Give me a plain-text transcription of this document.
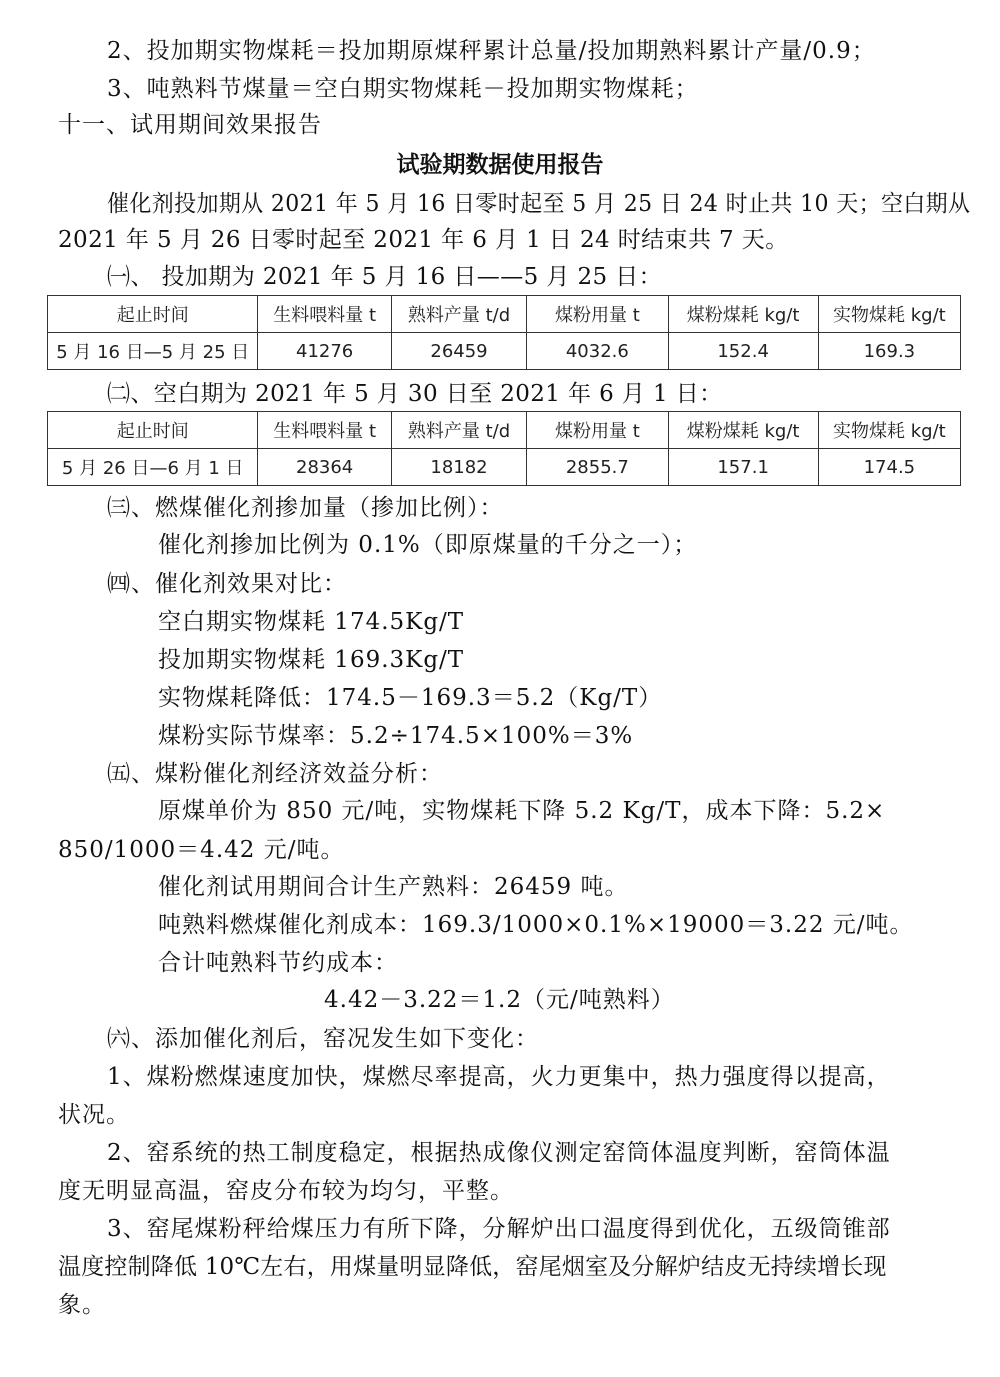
2、投加期实物煤耗＝投加期原煤秤累计总量/投加期熟料累计产量/0.9；
3、吨熟料节煤量＝空白期实物煤耗－投加期实物煤耗；
十一、试用期间效果报告
试验期数据使用报告
催化剂投加期从 2021 年 5 月 16 日零时起至 5 月 25 日 24 时止共 10 天；空白期从
2021 年 5 月 26 日零时起至 2021 年 6 月 1 日 24 时结束共 7 天。
㈠、 投加期为 2021 年 5 月 16 日——5 月 25 日：
起止时间	生料喂料量 t	熟料产量 t/d	煤粉用量 t	煤粉煤耗 kg/t	实物煤耗 kg/t
5 月 16 日—5 月 25 日	41276	26459	4032.6	152.4	169.3
㈡、空白期为 2021 年 5 月 30 日至 2021 年 6 月 1 日：
起止时间	生料喂料量 t	熟料产量 t/d	煤粉用量 t	煤粉煤耗 kg/t	实物煤耗 kg/t
5 月 26 日—6 月 1 日	28364	18182	2855.7	157.1	174.5
㈢、燃煤催化剂掺加量（掺加比例）：
催化剂掺加比例为 0.1%（即原煤量的千分之一）；
㈣、催化剂效果对比：
空白期实物煤耗 174.5Kg/T
投加期实物煤耗 169.3Kg/T
实物煤耗降低：174.5－169.3＝5.2（Kg/T）
煤粉实际节煤率：5.2÷174.5×100%＝3%
㈤、煤粉催化剂经济效益分析：
原煤单价为 850 元/吨，实物煤耗下降 5.2 Kg/T，成本下降：5.2×
850/1000＝4.42 元/吨。
催化剂试用期间合计生产熟料：26459 吨。
吨熟料燃煤催化剂成本：169.3/1000×0.1%×19000＝3.22 元/吨。
合计吨熟料节约成本：
4.42－3.22＝1.2（元/吨熟料）
㈥、添加催化剂后，窑况发生如下变化：
1、煤粉燃煤速度加快，煤燃尽率提高，火力更集中，热力强度得以提高，
状况。
2、窑系统的热工制度稳定，根据热成像仪测定窑筒体温度判断，窑筒体温
度无明显高温，窑皮分布较为均匀，平整。
3、窑尾煤粉秤给煤压力有所下降，分解炉出口温度得到优化，五级筒锥部
温度控制降低 10℃左右，用煤量明显降低，窑尾烟室及分解炉结皮无持续增长现
象。
